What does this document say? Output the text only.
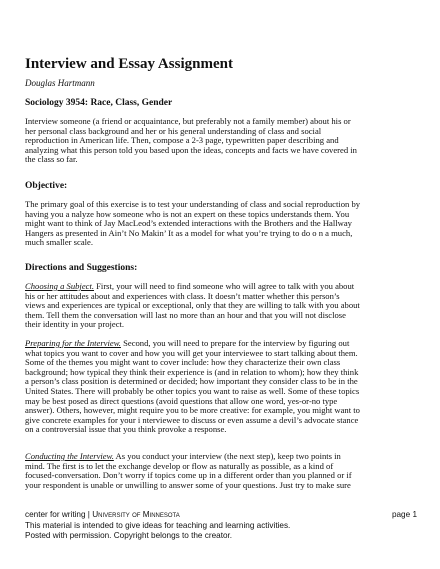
Interview and Essay Assignment
Douglas Hartmann
Sociology 3954: Race, Class, Gender
Interview someone (a friend or acquaintance, but preferably not a family member) about his or
her personal class background and her or his general understanding of class and social
reproduction in American life. Then, compose a 2-3 page, typewritten paper describing and
analyzing what this person told you based upon the ideas, concepts and facts we have covered in
the class so far.
Objective:
The primary goal of this exercise is to test your understanding of class and social reproduction by
having you a nalyze how someone who is not an expert on these topics understands them. You
might want to think of Jay MacLeod’s extended interactions with the Brothers and the Hallway
Hangers as presented in Ain’t No Makin’ It as a model for what you’re trying to do o n a much,
much smaller scale.
Directions and Suggestions:
Choosing a Subject. First, your will need to find someone who will agree to talk with you about
his or her attitudes about and experiences with class. It doesn’t matter whether this person’s
views and experiences are typical or exceptional, only that they are willing to talk with you about
them. Tell them the conversation will last no more than an hour and that you will not disclose
their identity in your project.
Preparing for the Interview. Second, you will need to prepare for the interview by figuring out
what topics you want to cover and how you will get your interviewee to start talking about them.
Some of the themes you might want to cover include: how they characterize their own class
background; how typical they think their experience is (and in relation to whom); how they think
a person’s class position is determined or decided; how important they consider class to be in the
United States. There will probably be other topics you want to raise as well. Some of these topics
may be best posed as direct questions (avoid questions that allow one word, yes-or-no type
answer). Others, however, might require you to be more creative: for example, you might want to
give concrete examples for your i nterviewee to discuss or even assume a devil’s advocate stance
on a controversial issue that you think provoke a response.
Conducting the Interview. As you conduct your interview (the next step), keep two points in
mind. The first is to let the exchange develop or flow as naturally as possible, as a kind of
focused-conversation. Don’t worry if topics come up in a different order than you planned or if
your respondent is unable or unwilling to answer some of your questions. Just try to make sure
center for writing | University of Minnesota
This material is intended to give ideas for teaching and learning activities.
Posted with permission. Copyright belongs to the creator.
page 1
